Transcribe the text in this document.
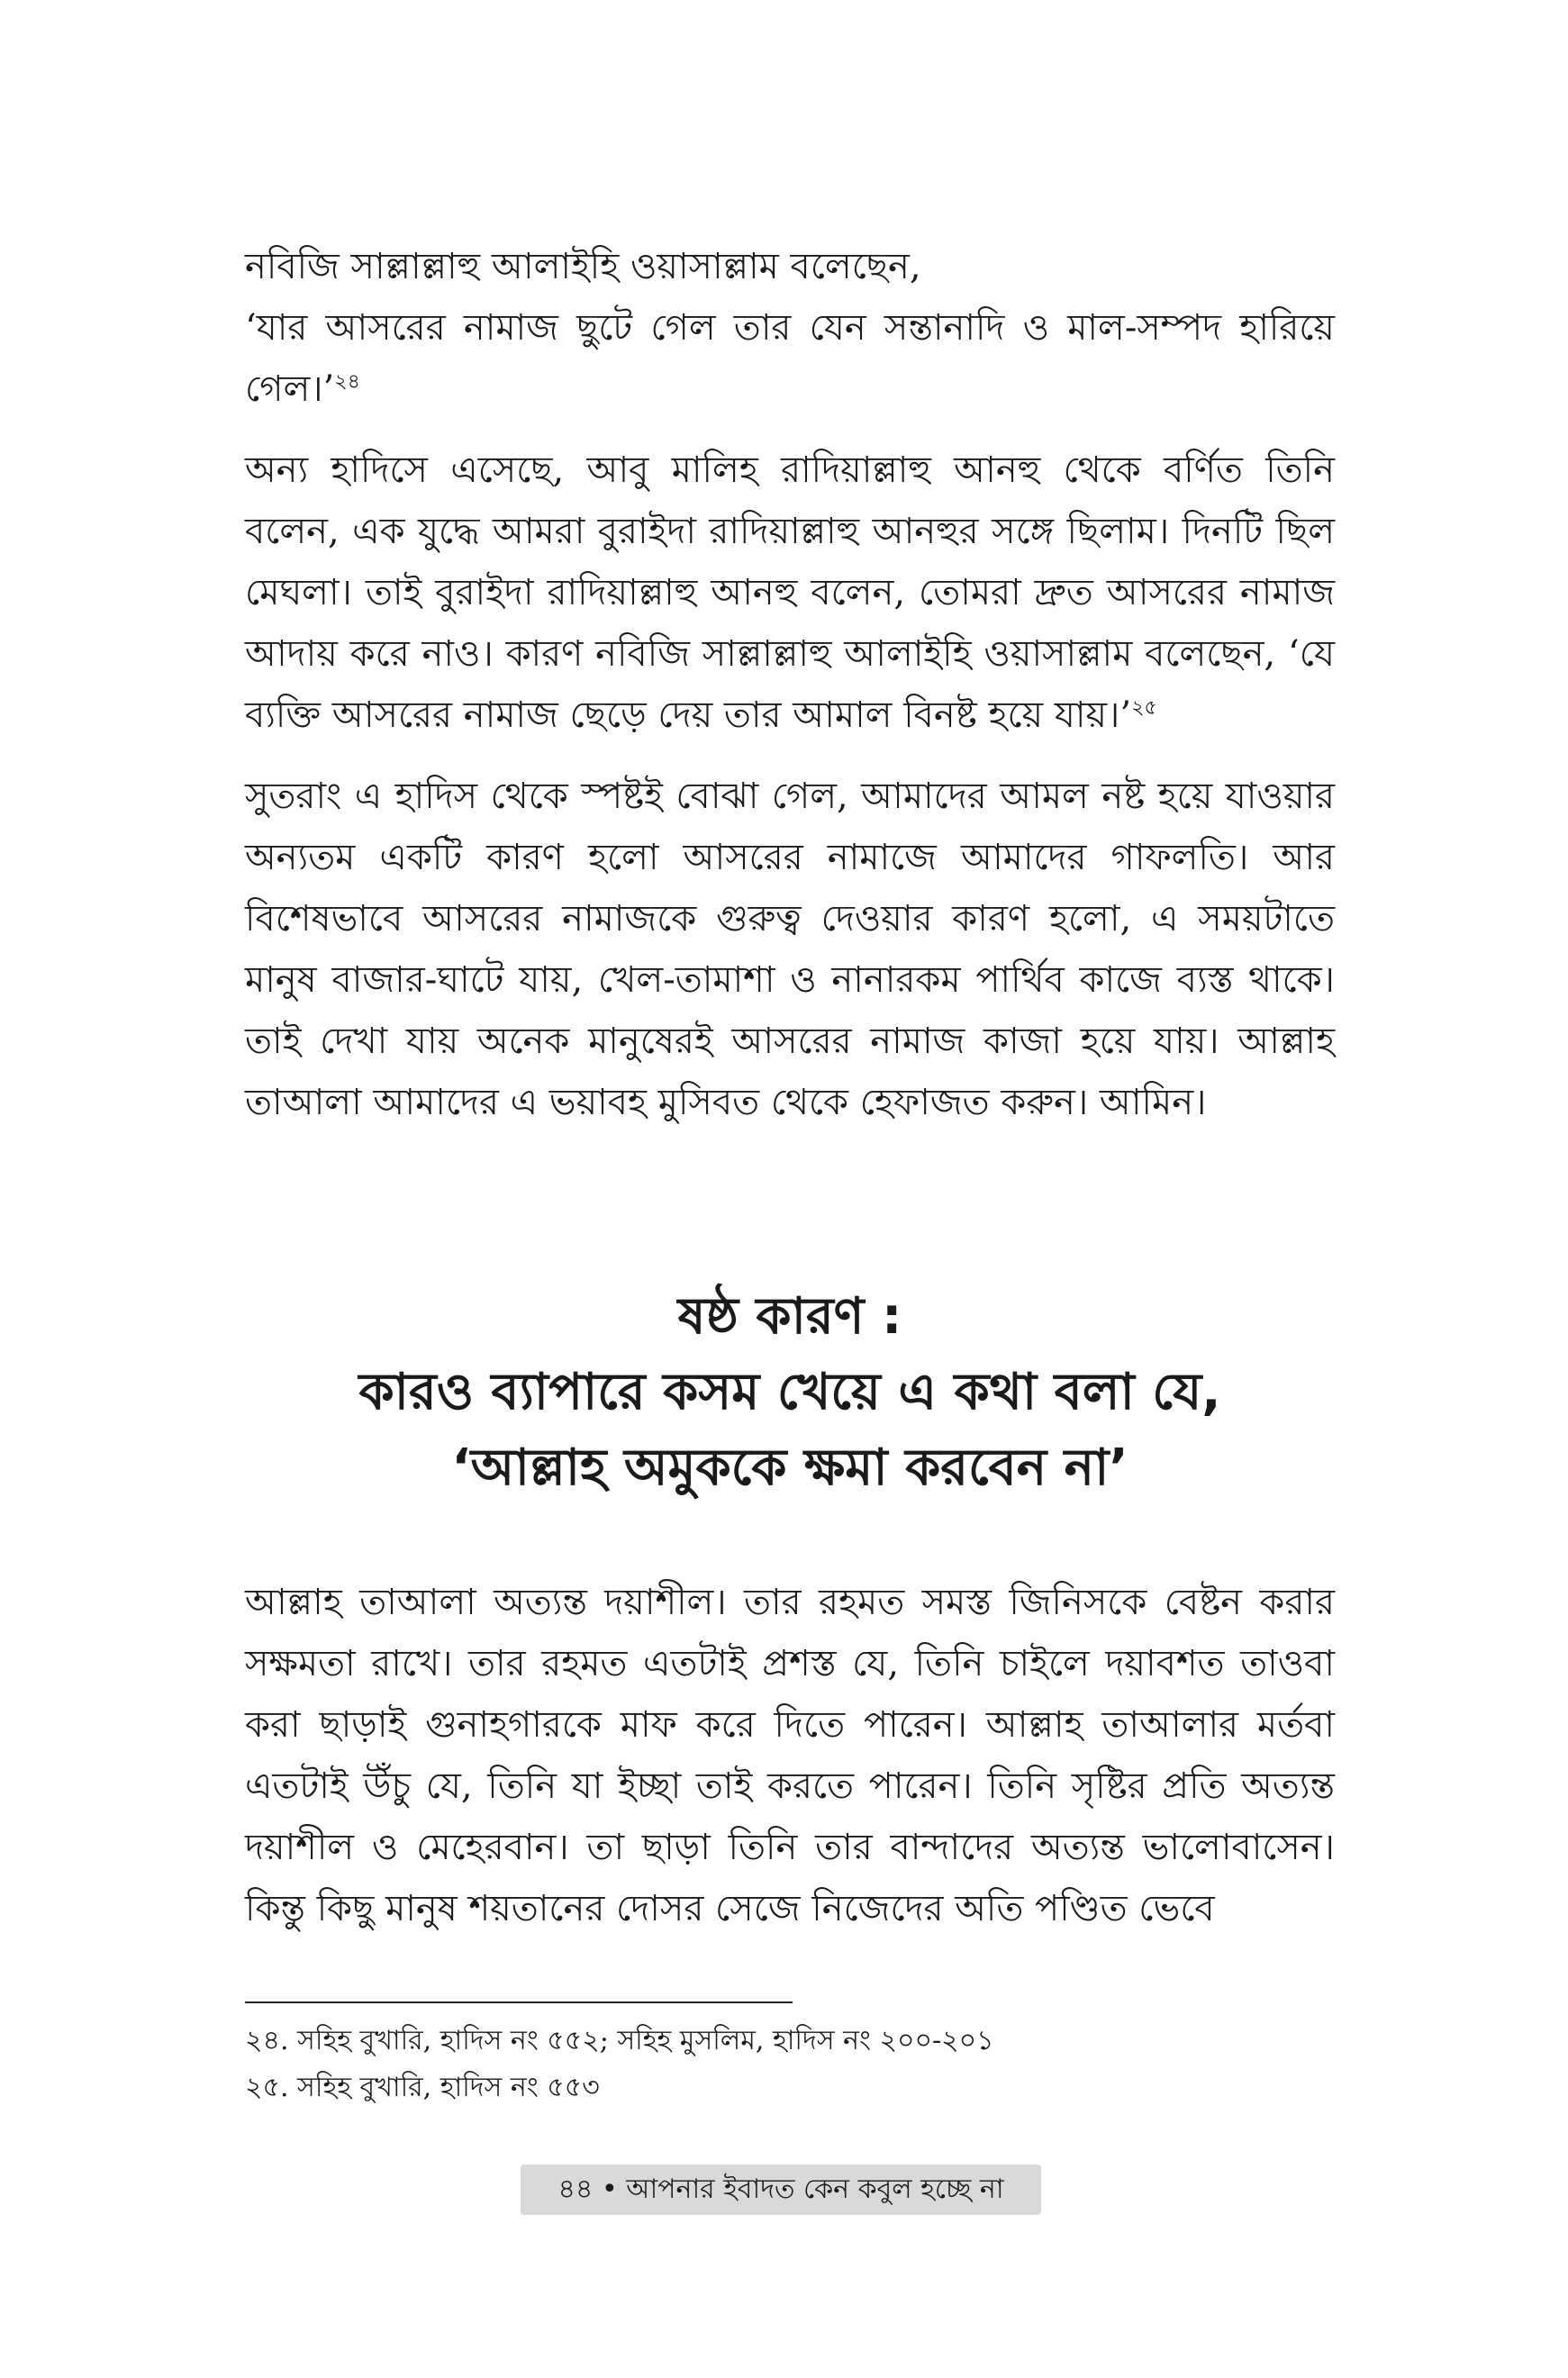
নবিজি সাল্লাল্লাহু আলাইহি ওয়াসাল্লাম বলেছেন,
‘যার আসরের নামাজ ছুটে গেল তার যেন সন্তানাদি ও মাল-সম্পদ হারিয়ে গেল।’$^{২৪}$

অন্য হাদিসে এসেছে, আবু মালিহ রাদিয়াল্লাহু আনহু থেকে বর্ণিত তিনি বলেন, এক যুদ্ধে আমরা বুরাইদা রাদিয়াল্লাহু আনহুর সঙ্গে ছিলাম। দিনটি ছিল মেঘলা। তাই বুরাইদা রাদিয়াল্লাহু আনহু বলেন, তোমরা দ্রুত আসরের নামাজ আদায় করে নাও। কারণ নবিজি সাল্লাল্লাহু আলাইহি ওয়াসাল্লাম বলেছেন, ‘যে ব্যক্তি আসরের নামাজ ছেড়ে দেয় তার আমাল বিনষ্ট হয়ে যায়।’$^{২৫}$

সুতরাং এ হাদিস থেকে স্পষ্টই বোঝা গেল, আমাদের আমল নষ্ট হয়ে যাওয়ার অন্যতম একটি কারণ হলো আসরের নামাজে আমাদের গাফলতি। আর বিশেষভাবে আসরের নামাজকে গুরুত্ব দেওয়ার কারণ হলো, এ সময়টাতে মানুষ বাজার-ঘাটে যায়, খেল-তামাশা ও নানারকম পার্থিব কাজে ব্যস্ত থাকে। তাই দেখা যায় অনেক মানুষেরই আসরের নামাজ কাজা হয়ে যায়। আল্লাহ তাআলা আমাদের এ ভয়াবহ মুসিবত থেকে হেফাজত করুন। আমিন।

ষষ্ঠ কারণ :
কারও ব্যাপারে কসম খেয়ে এ কথা বলা যে,
‘আল্লাহ অমুককে ক্ষমা করবেন না’

আল্লাহ তাআলা অত্যন্ত দয়াশীল। তার রহমত সমস্ত জিনিসকে বেষ্টন করার সক্ষমতা রাখে। তার রহমত এতটাই প্রশস্ত যে, তিনি চাইলে দয়াবশত তাওবা করা ছাড়াই গুনাহগারকে মাফ করে দিতে পারেন। আল্লাহ তাআলার মর্তবা এতটাই উঁচু যে, তিনি যা ইচ্ছা তাই করতে পারেন। তিনি সৃষ্টির প্রতি অত্যন্ত দয়াশীল ও মেহেরবান। তা ছাড়া তিনি তার বান্দাদের অত্যন্ত ভালোবাসেন। কিন্তু কিছু মানুষ শয়তানের দোসর সেজে নিজেদের অতি পণ্ডিত ভেবে

২৪. সহিহ বুখারি, হাদিস নং ৫৫২; সহিহ মুসলিম, হাদিস নং ২০০-২০১
২৫. সহিহ বুখারি, হাদিস নং ৫৫৩
৪৪ • আপনার ইবাদত কেন কবুল হচ্ছে না
